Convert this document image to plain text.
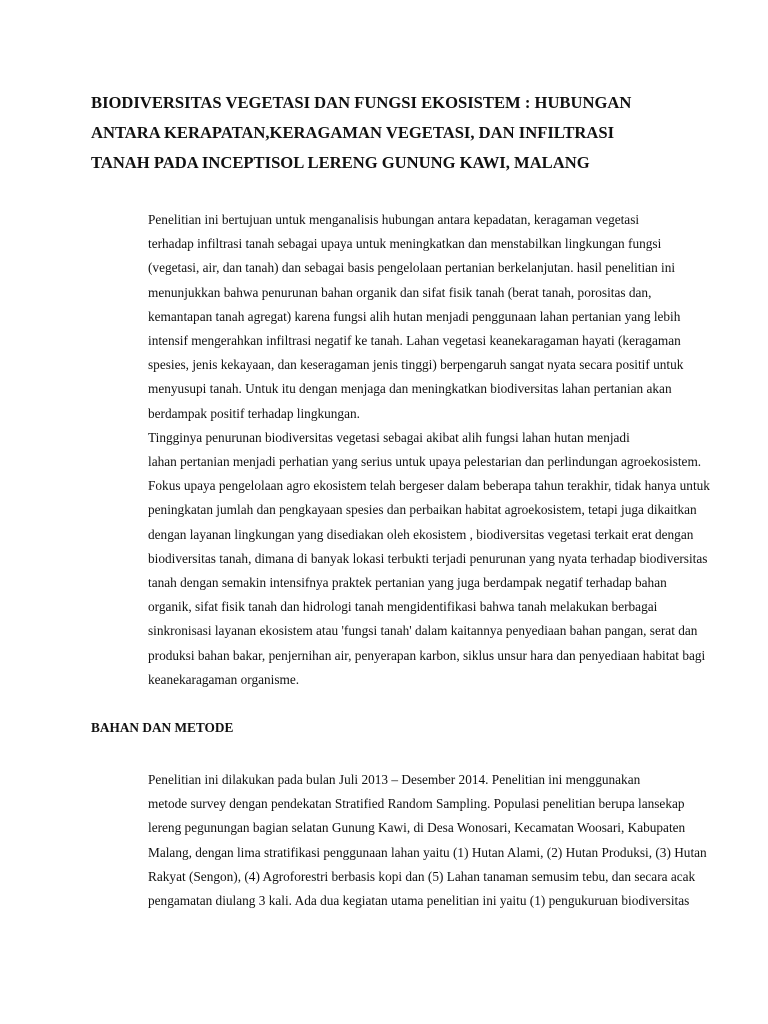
BIODIVERSITAS VEGETASI DAN FUNGSI EKOSISTEM : HUBUNGAN
ANTARA KERAPATAN,KERAGAMAN VEGETASI, DAN INFILTRASI
TANAH PADA INCEPTISOL LERENG GUNUNG KAWI, MALANG

Penelitian ini bertujuan untuk menganalisis hubungan antara kepadatan, keragaman vegetasi
terhadap infiltrasi tanah sebagai upaya untuk meningkatkan dan menstabilkan lingkungan fungsi
(vegetasi, air, dan tanah) dan sebagai basis pengelolaan pertanian berkelanjutan. hasil penelitian ini
menunjukkan bahwa penurunan bahan organik dan sifat fisik tanah (berat tanah, porositas dan,
kemantapan tanah agregat) karena fungsi alih hutan menjadi penggunaan lahan pertanian yang lebih
intensif mengerahkan infiltrasi negatif ke tanah. Lahan vegetasi keanekaragaman hayati (keragaman
spesies, jenis kekayaan, dan keseragaman jenis tinggi) berpengaruh sangat nyata secara positif untuk
menyusupi tanah. Untuk itu dengan menjaga dan meningkatkan biodiversitas lahan pertanian akan
berdampak positif terhadap lingkungan.

Tingginya penurunan biodiversitas vegetasi sebagai akibat alih fungsi lahan hutan menjadi
lahan pertanian menjadi perhatian yang serius untuk upaya pelestarian dan perlindungan agroekosistem.
Fokus upaya pengelolaan agro ekosistem telah bergeser dalam beberapa tahun terakhir, tidak hanya untuk
peningkatan jumlah dan pengkayaan spesies dan perbaikan habitat agroekosistem, tetapi juga dikaitkan
dengan layanan lingkungan yang disediakan oleh ekosistem , biodiversitas vegetasi terkait erat dengan
biodiversitas tanah, dimana di banyak lokasi terbukti terjadi penurunan yang nyata terhadap biodiversitas
tanah dengan semakin intensifnya praktek pertanian yang juga berdampak negatif terhadap bahan
organik, sifat fisik tanah dan hidrologi tanah mengidentifikasi bahwa tanah melakukan berbagai
sinkronisasi layanan ekosistem atau 'fungsi tanah' dalam kaitannya penyediaan bahan pangan, serat dan
produksi bahan bakar, penjernihan air, penyerapan karbon, siklus unsur hara dan penyediaan habitat bagi
keanekaragaman organisme.

BAHAN DAN METODE

Penelitian ini dilakukan pada bulan Juli 2013 – Desember 2014. Penelitian ini menggunakan
metode survey dengan pendekatan Stratified Random Sampling. Populasi penelitian berupa lansekap
lereng pegunungan bagian selatan Gunung Kawi, di Desa Wonosari, Kecamatan Woosari, Kabupaten
Malang, dengan lima stratifikasi penggunaan lahan yaitu (1) Hutan Alami, (2) Hutan Produksi, (3) Hutan
Rakyat (Sengon), (4) Agroforestri berbasis kopi dan (5) Lahan tanaman semusim tebu, dan secara acak
pengamatan diulang 3 kali. Ada dua kegiatan utama penelitian ini yaitu (1) pengukuruan biodiversitas
